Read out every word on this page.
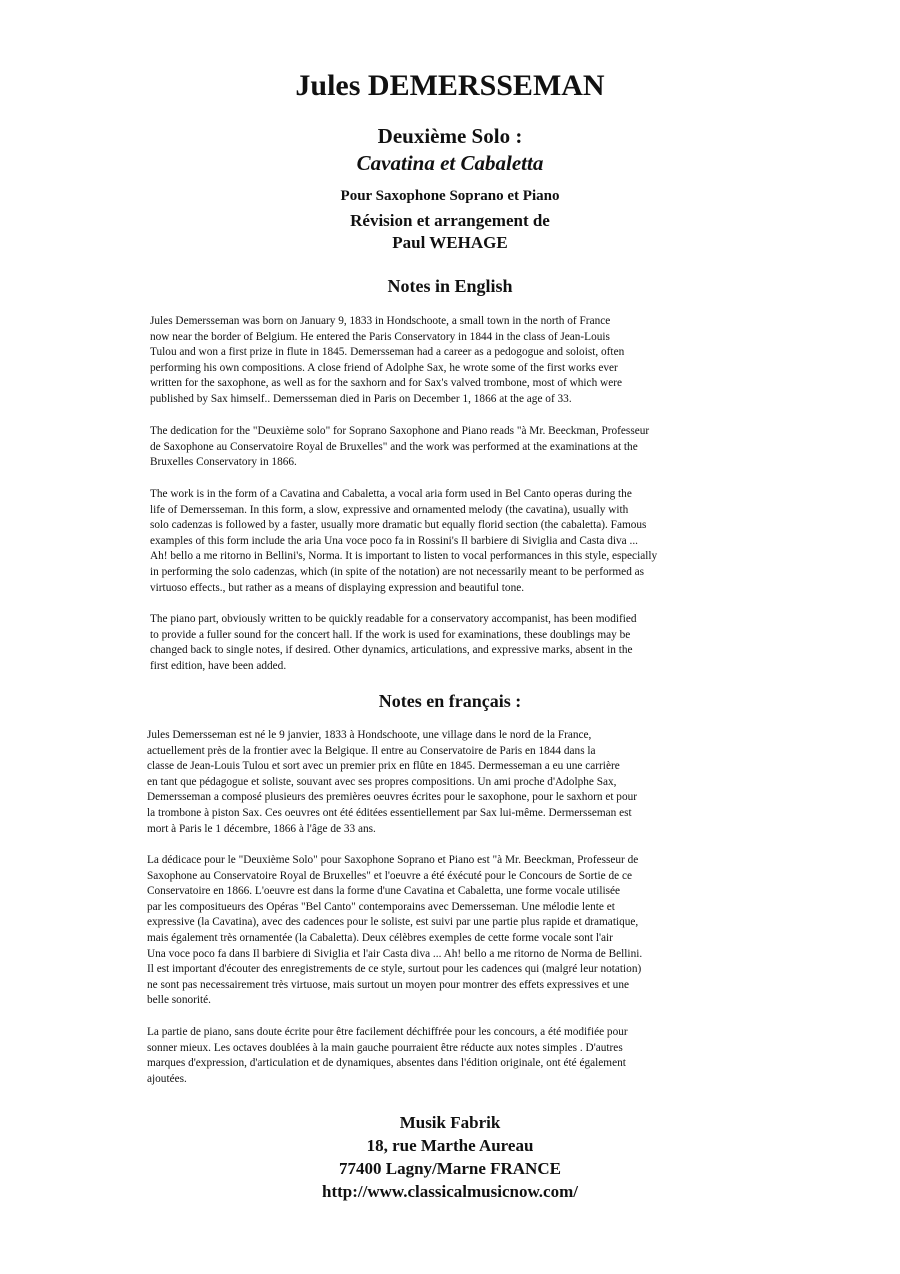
Jules DEMERSSEMAN
Deuxième Solo :
Cavatina et Cabaletta
Pour Saxophone Soprano et Piano
Révision et arrangement de
Paul WEHAGE
Notes in English

Jules Demersseman was born on January 9, 1833 in Hondschoote, a small town in the north of France
now near the border of Belgium. He entered the Paris Conservatory in 1844 in the class of Jean-Louis
Tulou and won a first prize in flute in 1845. Demersseman had a career as a pedogogue and soloist, often
performing his own compositions. A close friend of Adolphe Sax, he wrote some of the first works ever
written for the saxophone, as well as for the saxhorn and for Sax's valved trombone, most of which were
published by Sax himself.. Demersseman died in Paris on December 1, 1866 at the age of 33.

The dedication for the "Deuxième solo" for Soprano Saxophone and Piano reads "à Mr. Beeckman, Professeur
de Saxophone au Conservatoire Royal de Bruxelles" and the work was performed at the examinations at the
Bruxelles Conservatory in 1866.

The work is in the form of a Cavatina and Cabaletta, a vocal aria form used in Bel Canto operas during the
life of Demersseman. In this form, a slow, expressive and ornamented melody (the cavatina), usually with
solo cadenzas is followed by a faster, usually more dramatic but equally florid section (the cabaletta). Famous
examples of this form include the aria Una voce poco fa in Rossini's Il barbiere di Siviglia and Casta diva ...
Ah! bello a me ritorno in Bellini's, Norma. It is important to listen to vocal performances in this style, especially
in performing the solo cadenzas, which (in spite of the notation) are not necessarily meant to be performed as
virtuoso effects., but rather as a means of displaying expression and beautiful tone.

The piano part, obviously written to be quickly readable for a conservatory accompanist, has been modified
to provide a fuller sound for the concert hall. If the work is used for examinations, these doublings may be
changed back to single notes, if desired. Other dynamics, articulations, and expressive marks, absent in the
first edition, have been added.

Notes en français :

Jules Demersseman est né le 9 janvier, 1833 à Hondschoote, une village dans le nord de la France,
actuellement près de la frontier avec la Belgique. Il entre au Conservatoire de Paris en 1844 dans la
classe de Jean-Louis Tulou et sort avec un premier prix en flûte en 1845. Dermesseman a eu une carrière
en tant que pédagogue et soliste, souvant avec ses propres compositions. Un ami proche d'Adolphe Sax,
Demersseman a composé plusieurs des premières oeuvres écrites pour le saxophone, pour le saxhorn et pour
la trombone à piston Sax. Ces oeuvres ont été éditées essentiellement par Sax lui-même. Dermersseman est
mort à Paris le 1 décembre, 1866 à l'âge de 33 ans.

La dédicace pour le "Deuxième Solo" pour Saxophone Soprano et Piano est "à Mr. Beeckman, Professeur de
Saxophone au Conservatoire Royal de Bruxelles" et l'oeuvre a été éxécuté pour le Concours de Sortie de ce
Conservatoire en 1866. L'oeuvre est dans la forme d'une Cavatina et Cabaletta, une forme vocale utilisée
par les compositueurs des Opéras "Bel Canto" contemporains avec Demersseman. Une mélodie lente et
expressive (la Cavatina), avec des cadences pour le soliste, est suivi par une partie plus rapide et dramatique,
mais également très ornamentée (la Cabaletta). Deux célèbres exemples de cette forme vocale sont l'air
Una voce poco fa dans Il barbiere di Siviglia et l'air Casta diva ... Ah! bello a me ritorno de Norma de Bellini.
Il est important d'écouter des enregistrements de ce style, surtout pour les cadences qui (malgré leur notation)
ne sont pas necessairement très virtuose, mais surtout un moyen pour montrer des effets expressives et une
belle sonorité.

La partie de piano, sans doute écrite pour être facilement déchiffrée pour les concours, a été modifiée pour
sonner mieux. Les octaves doublées à la main gauche pourraient être réducte aux notes simples . D'autres
marques d'expression, d'articulation et de dynamiques, absentes dans l'édition originale, ont été également
ajoutées.

Musik Fabrik
18, rue Marthe Aureau
77400 Lagny/Marne FRANCE
http://www.classicalmusicnow.com/
